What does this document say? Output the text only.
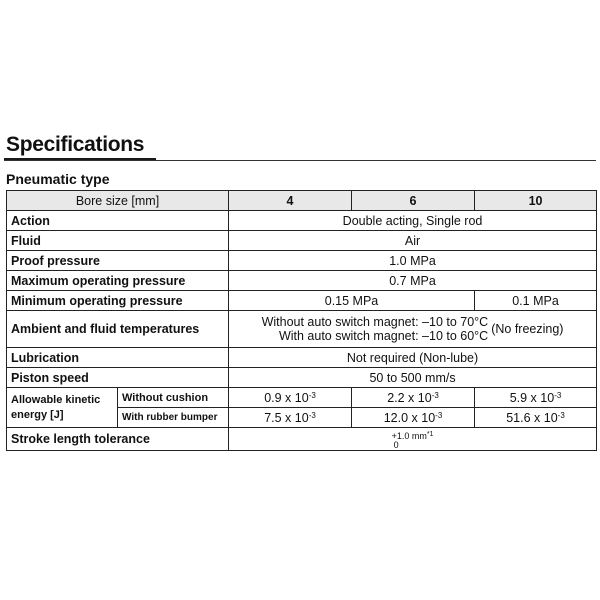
Specifications
Pneumatic type
Bore size [mm]		4	6	10
Action		Double acting, Single rod		
Fluid		Air		
Proof pressure		1.0 MPa		
Maximum operating pressure		0.7 MPa		
Minimum operating pressure		0.15 MPa		0.1 MPa
Ambient and fluid temperatures		Without auto switch magnet: –10 to 70°C
With auto switch magnet: –10 to 60°C (No freezing)		

Lubrication		Not required (Non-lube)		
Piston speed		50 to 500 mm/s		

Allowable kinetic
energy [J]	Without cushion	0.9 x $10^{-3}$	2.2 x $10^{-3}$	5.9 x $10^{-3}$
	With rubber bumper	7.5 x $10^{-3}$	12.0 x $10^{-3}$	51.6 x $10^{-3}$
Stroke length tolerance		+1.0 $mm^{*1}$
0		
